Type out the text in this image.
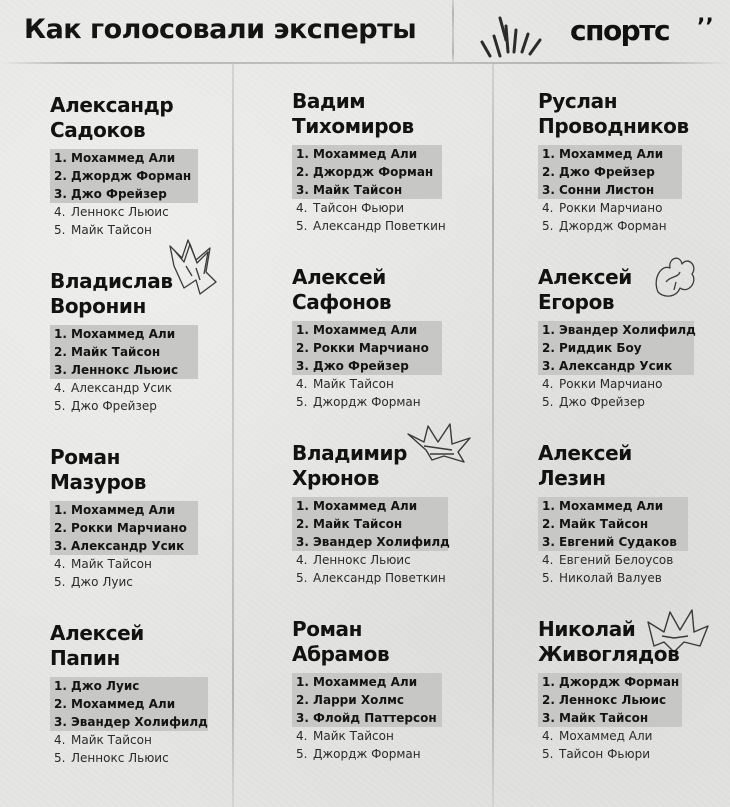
Как голосовали эксперты	спортс ’’
Александр
Садоков
1. Мохаммед Али
2. Джордж Форман
3. Джо Фрейзер
4. Леннокс Льюис
5. Майк Тайсон
Владислав
Воронин
1. Мохаммед Али
2. Майк Тайсон
3. Леннокс Льюис
4. Александр Усик
5. Джо Фрейзер
Роман
Мазуров
1. Мохаммед Али
2. Рокки Марчиано
3. Александр Усик
4. Майк Тайсон
5. Джо Луис
Алексей
Папин
1. Джо Луис
2. Мохаммед Али
3. Эвандер Холифилд
4. Майк Тайсон
5. Леннокс Льюис
Вадим
Тихомиров
1. Мохаммед Али
2. Джордж Форман
3. Майк Тайсон
4. Тайсон Фьюри
5. Александр Поветкин
Алексей
Сафонов
1. Мохаммед Али
2. Рокки Марчиано
3. Джо Фрейзер
4. Майк Тайсон
5. Джордж Форман
Владимир
Хрюнов
1. Мохаммед Али
2. Майк Тайсон
3. Эвандер Холифилд
4. Леннокс Льюис
5. Александр Поветкин
Роман
Абрамов
1. Мохаммед Али
2. Ларри Холмс
3. Флойд Паттерсон
4. Майк Тайсон
5. Джордж Форман
Руслан
Проводников
1. Мохаммед Али
2. Джо Фрейзер
3. Сонни Листон
4. Рокки Марчиано
5. Джордж Форман
Алексей
Егоров
1. Эвандер Холифилд
2. Риддик Боу
3. Александр Усик
4. Рокки Марчиано
5. Джо Фрейзер
Алексей
Лезин
1. Мохаммед Али
2. Майк Тайсон
3. Евгений Судаков
4. Евгений Белоусов
5. Николай Валуев
Николай
Живоглядов
1. Джордж Форман
2. Леннокс Льюис
3. Майк Тайсон
4. Мохаммед Али
5. Тайсон Фьюри
